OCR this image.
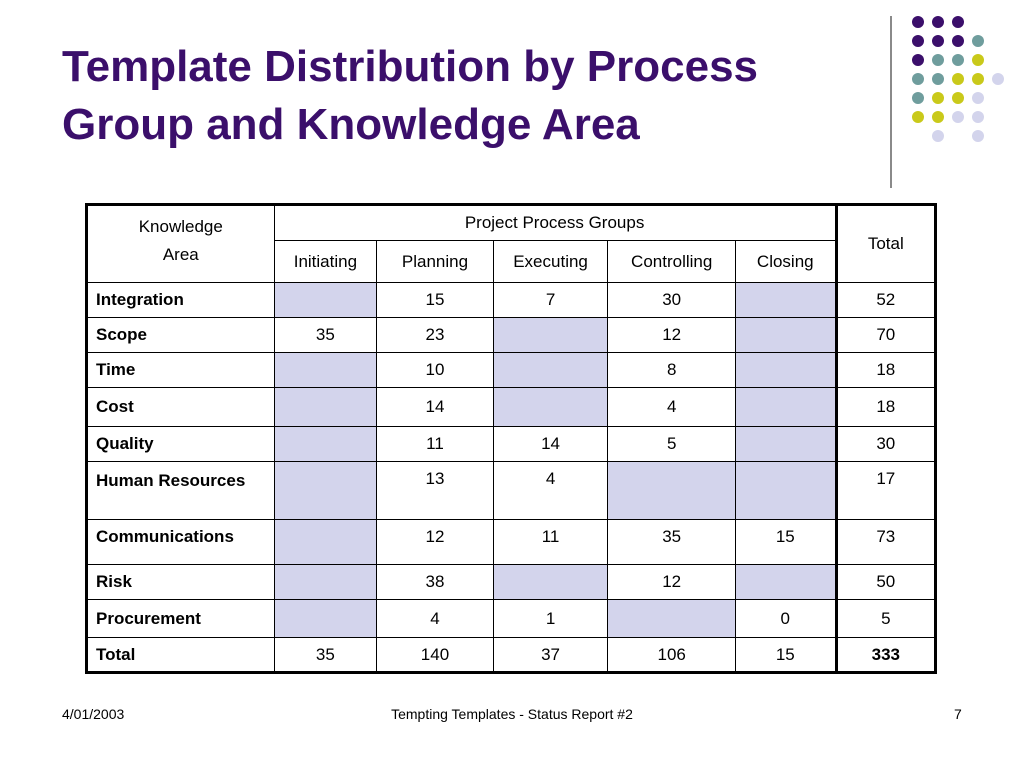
Template Distribution by Process Group and Knowledge Area
Knowledge
Area	Project Process Groups					Total
	Initiating	Planning	Executing	Controlling	Closing	
Integration		15	7	30		52
Scope	35	23		12		70
Time		10		8		18
Cost		14		4		18
Quality		11	14	5		30
Human Resources		13	4			17
Communications		12	11	35	15	73
Risk		38		12		50
Procurement		4	1		0	5
Total	35	140	37	106	15	333
4/01/2003	Tempting Templates - Status Report #2	7
